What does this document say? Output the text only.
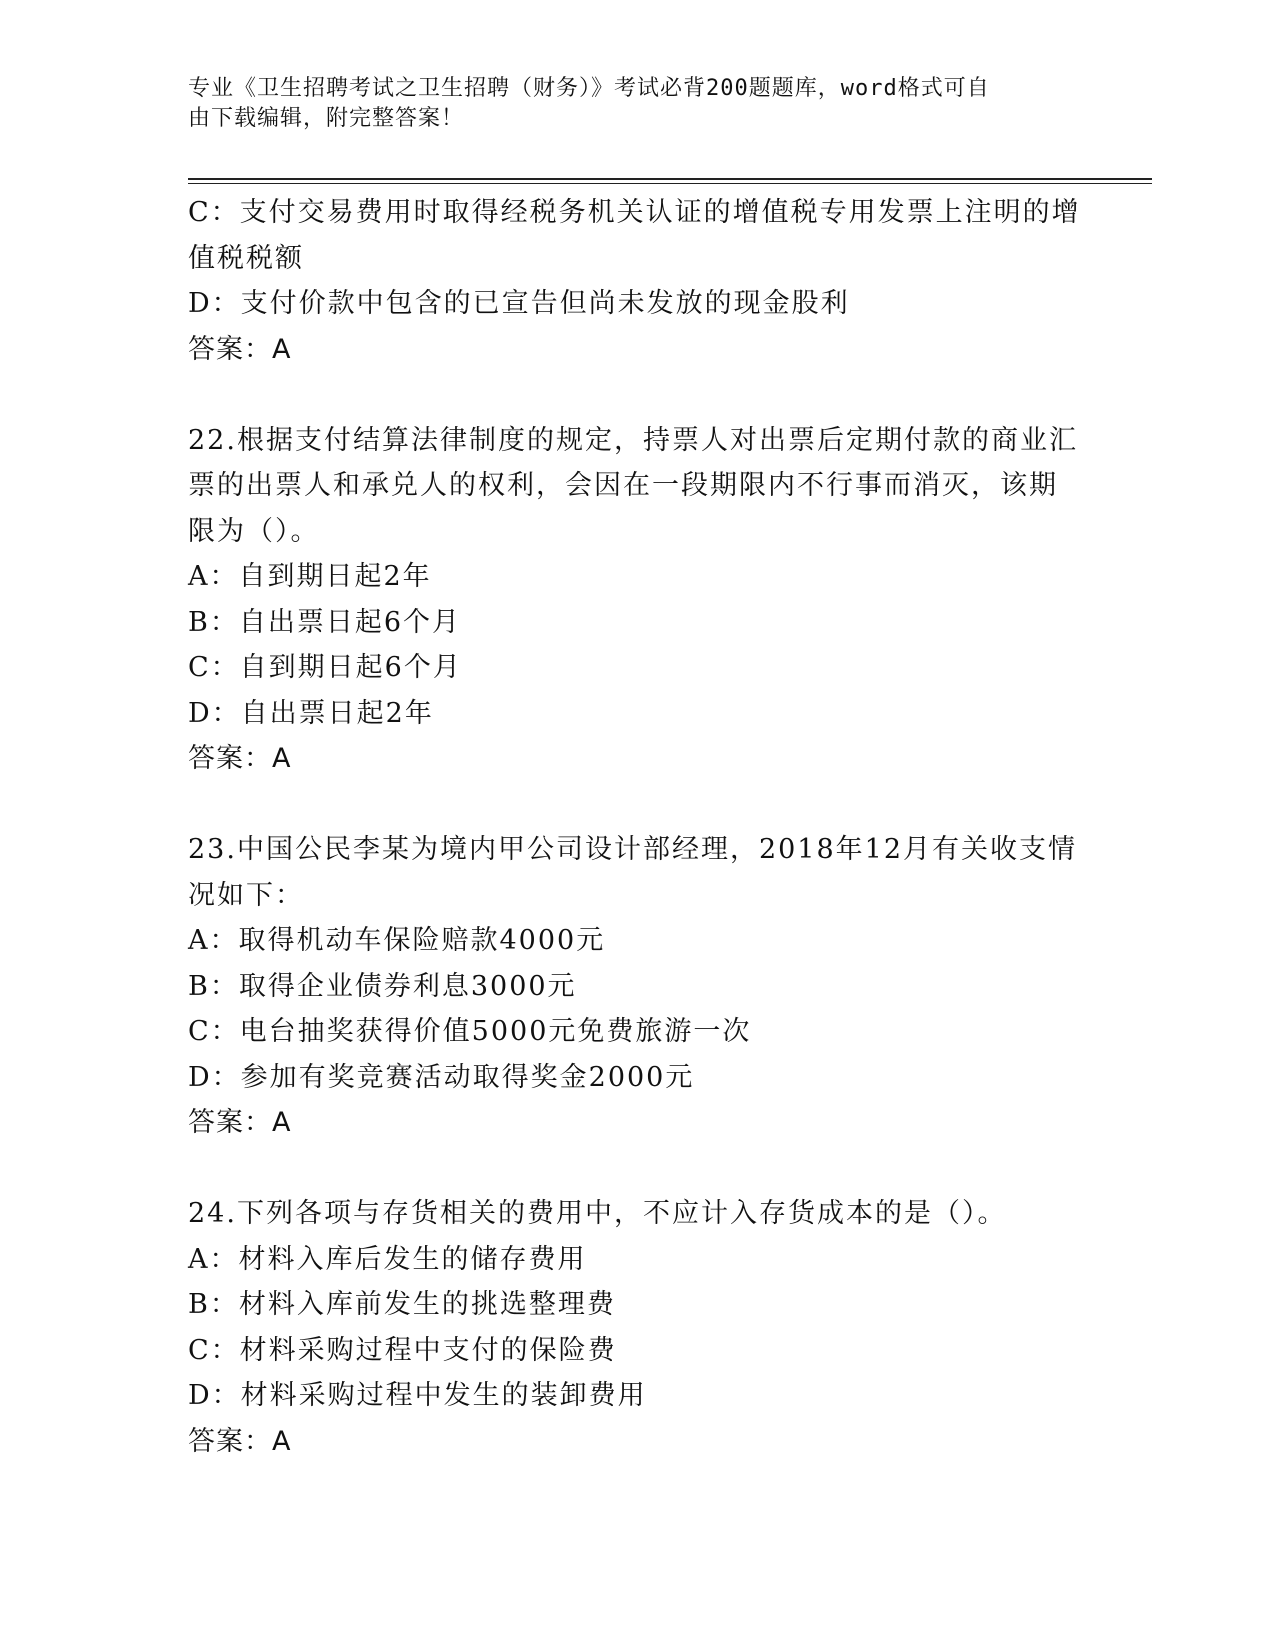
专业《卫生招聘考试之卫生招聘（财务）》考试必背200题题库，word格式可自
由下载编辑，附完整答案！
C：支付交易费用时取得经税务机关认证的增值税专用发票上注明的增
值税税额
D：支付价款中包含的已宣告但尚未发放的现金股利
答案：A
22.根据支付结算法律制度的规定，持票人对出票后定期付款的商业汇
票的出票人和承兑人的权利，会因在一段期限内不行事而消灭，该期
限为（）。
A：自到期日起2年
B：自出票日起6个月
C：自到期日起6个月
D：自出票日起2年
答案：A
23.中国公民李某为境内甲公司设计部经理，2018年12月有关收支情
况如下：
A：取得机动车保险赔款4000元
B：取得企业债券利息3000元
C：电台抽奖获得价值5000元免费旅游一次
D：参加有奖竞赛活动取得奖金2000元
答案：A
24.下列各项与存货相关的费用中，不应计入存货成本的是（）。
A：材料入库后发生的储存费用
B：材料入库前发生的挑选整理费
C：材料采购过程中支付的保险费
D：材料采购过程中发生的装卸费用
答案：A
